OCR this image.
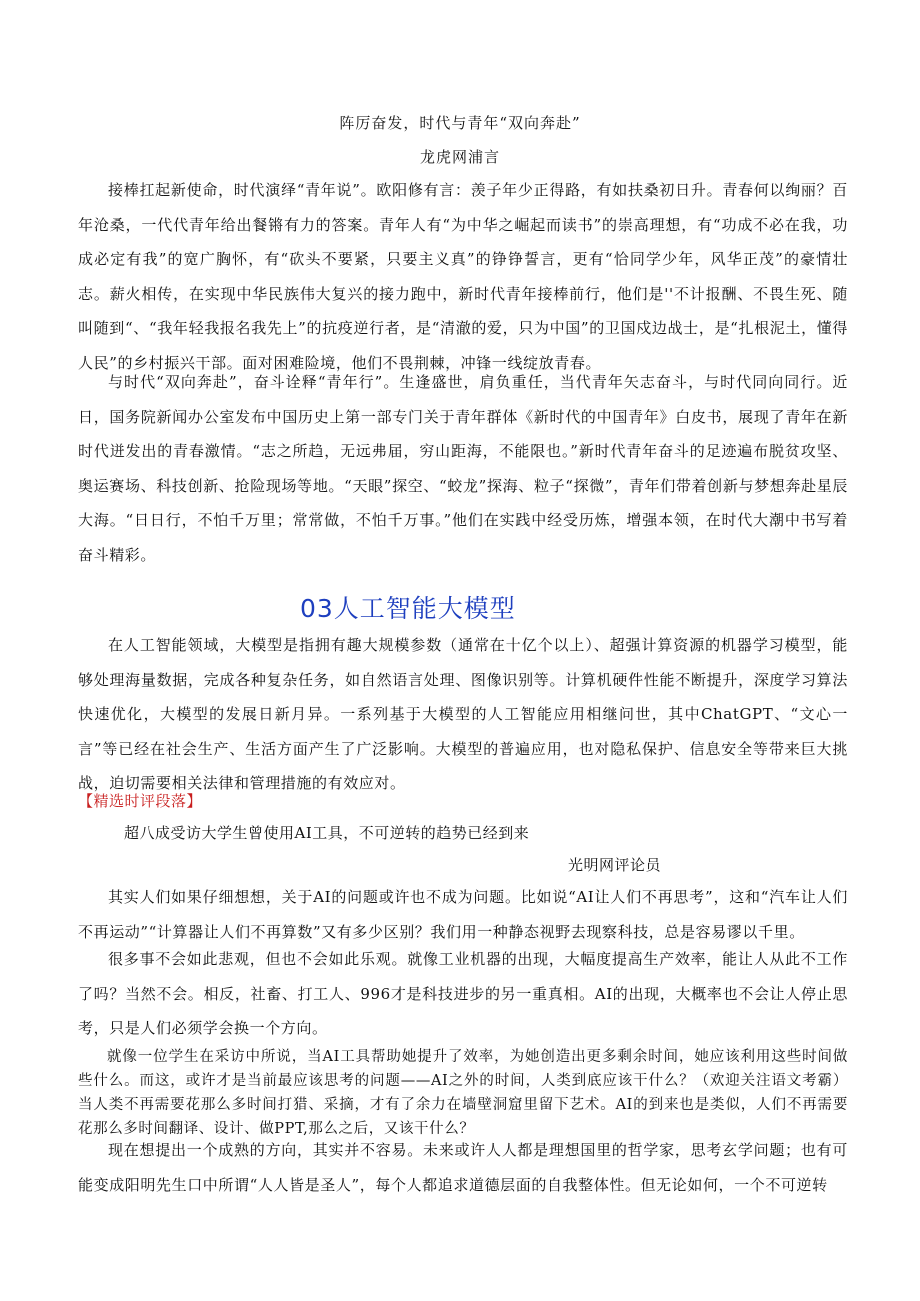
阵厉奋发，时代与青年“双向奔赴”
龙虎网浦言

接棒扛起新使命，时代演绎“青年说”。欧阳修有言：羡子年少正得路，有如扶桑初日升。青春何以绚丽？百年沧桑，一代代青年给出餐锵有力的答案。青年人有“为中华之崛起而读书”的崇高理想，有“功成不必在我，功成必定有我”的宽广胸怀，有“砍头不要紧，只要主义真”的铮铮誓言，更有“恰同学少年，风华正茂”的豪情壮志。薪火相传，在实现中华民族伟大复兴的接力跑中，新时代青年接棒前行，他们是''不计报酬、不畏生死、随叫随到“、“我年轻我报名我先上”的抗疫逆行者，是“清澈的爱，只为中国”的卫国戍边战士，是“扎根泥土，懂得人民”的乡村振兴干部。面对困难险境，他们不畏荆棘，冲锋一线绽放青春。

与时代“双向奔赴”，奋斗诠释“青年行”。生逢盛世，肩负重任，当代青年矢志奋斗，与时代同向同行。近日，国务院新闻办公室发布中国历史上第一部专门关于青年群体《新时代的中国青年》白皮书，展现了青年在新时代迸发出的青春激情。“志之所趋，无远弗届，穷山距海，不能限也。”新时代青年奋斗的足迹遍布脱贫攻坚、奥运赛场、科技创新、抢险现场等地。“天眼”探空、“蛟龙”探海、粒子“探微”，青年们带着创新与梦想奔赴星辰大海。“日日行，不怕千万里；常常做，不怕千万事。”他们在实践中经受历炼，增强本领，在时代大潮中书写着奋斗精彩。

03人工智能大模型

在人工智能领域，大模型是指拥有趣大规模参数（通常在十亿个以上）、超强计算资源的机器学习模型，能够处理海量数据，完成各种复杂任务，如自然语言处理、图像识别等。计算机硬件性能不断提升，深度学习算法快速优化，大模型的发展日新月异。一系列基于大模型的人工智能应用相继问世，其中ChatGPT、“文心一言”等已经在社会生产、生活方面产生了广泛影响。大模型的普遍应用，也对隐私保护、信息安全等带来巨大挑战，迫切需要相关法律和管理措施的有效应对。

【精选时评段落】
超八成受访大学生曾使用AI工具，不可逆转的趋势已经到来
光明网评论员

其实人们如果仔细想想，关于AI的问题或许也不成为问题。比如说“AI让人们不再思考”，这和“汽车让人们不再运动”“计算器让人们不再算数”又有多少区别？我们用一种静态视野去现察科技，总是容易谬以千里。

很多事不会如此悲观，但也不会如此乐观。就像工业机器的出现，大幅度提高生产效率，能让人从此不工作了吗？当然不会。相反，社畜、打工人、996才是科技进步的另一重真相。AI的出现，大概率也不会让人停止思考，只是人们必须学会换一个方向。

就像一位学生在采访中所说，当AI工具帮助她提升了效率，为她创造出更多剩余时间，她应该利用这些时间做些什么。而这，或许才是当前最应该思考的问题——AI之外的时间，人类到底应该干什么？（欢迎关注语文考霸）当人类不再需要花那么多时间打猎、采摘，才有了余力在墙壁洞窟里留下艺术。AI的到来也是类似，人们不再需要花那么多时间翻译、设计、做PPT,那么之后，又该干什么？

现在想提出一个成熟的方向，其实并不容易。未来或许人人都是理想国里的哲学家，思考玄学问题；也有可能变成阳明先生口中所谓“人人皆是圣人”，每个人都追求道德层面的自我整体性。但无论如何，一个不可逆转
